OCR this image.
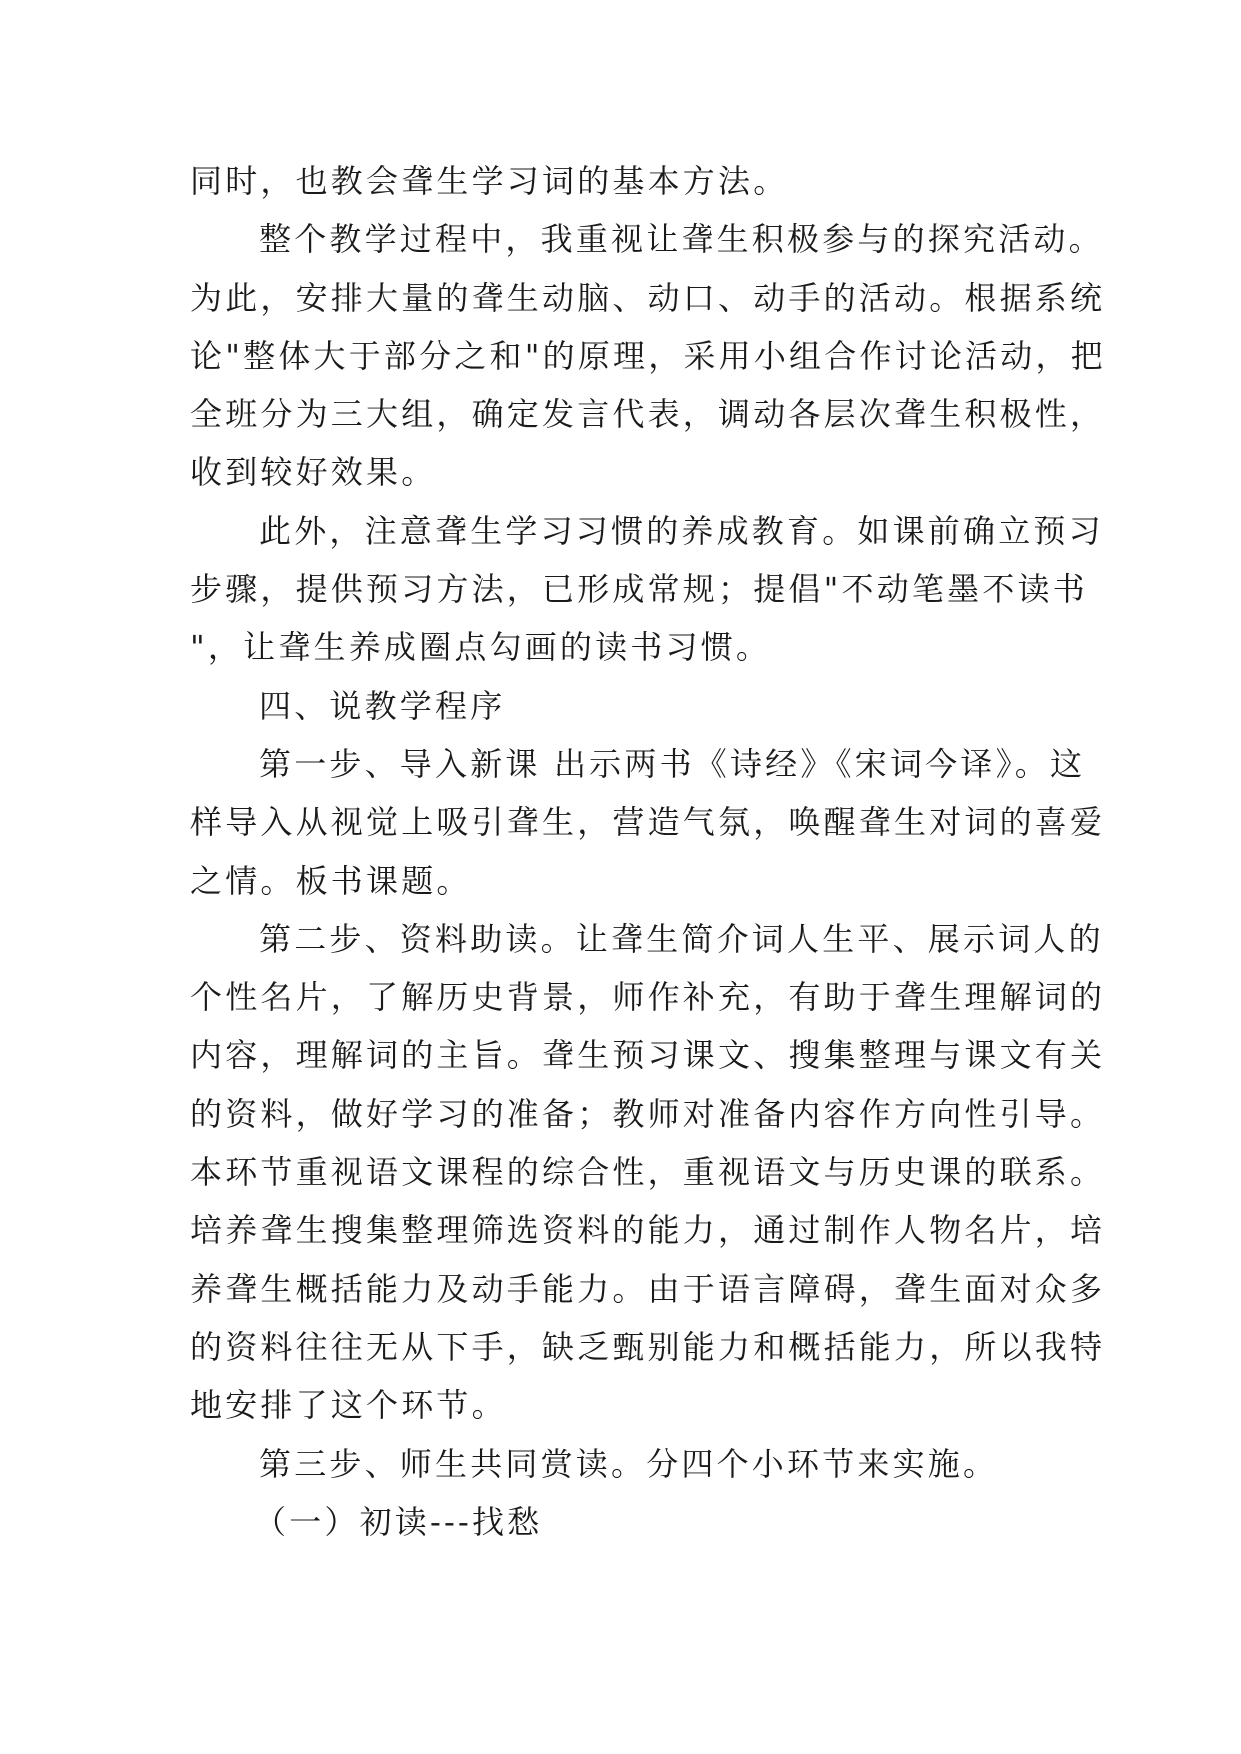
同时，也教会聋生学习词的基本方法。
整个教学过程中，我重视让聋生积极参与的探究活动。
为此，安排大量的聋生动脑、动口、动手的活动。根据系统
论"整体大于部分之和"的原理，采用小组合作讨论活动，把
全班分为三大组，确定发言代表，调动各层次聋生积极性，
收到较好效果。
此外，注意聋生学习习惯的养成教育。如课前确立预习
步骤，提供预习方法，已形成常规；提倡"不动笔墨不读书
"，让聋生养成圈点勾画的读书习惯。
四、说教学程序
第一步、导入新课 出示两书《诗经》《宋词今译》。这
样导入从视觉上吸引聋生，营造气氛，唤醒聋生对词的喜爱
之情。板书课题。
第二步、资料助读。让聋生简介词人生平、展示词人的
个性名片，了解历史背景，师作补充，有助于聋生理解词的
内容，理解词的主旨。聋生预习课文、搜集整理与课文有关
的资料，做好学习的准备；教师对准备内容作方向性引导。
本环节重视语文课程的综合性，重视语文与历史课的联系。
培养聋生搜集整理筛选资料的能力，通过制作人物名片，培
养聋生概括能力及动手能力。由于语言障碍，聋生面对众多
的资料往往无从下手，缺乏甄别能力和概括能力，所以我特
地安排了这个环节。
第三步、师生共同赏读。分四个小环节来实施。
（一）初读---找愁
